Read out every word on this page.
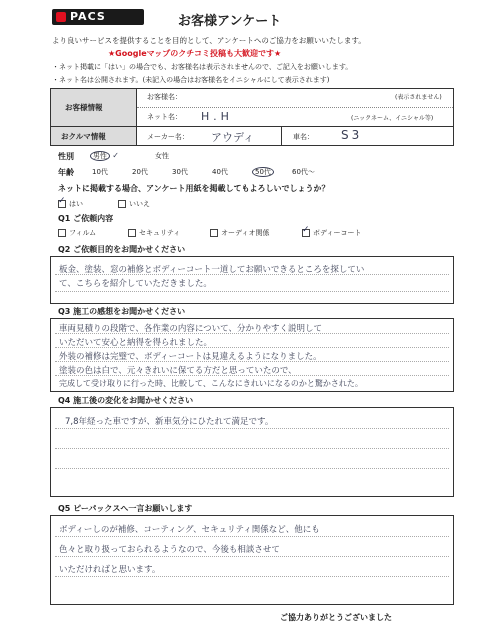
PACS	お客様アンケート
より良いサービスを提供することを目的として、アンケートへのご協力をお願いいたします。
★Googleマップのクチコミ投稿も大歓迎です★
・ネット掲載に「はい」の場合でも、お客様名は表示されませんので、ご記入をお願いします。
・ネット名は公開されます。(未記入の場合はお客様名をイニシャルにして表示されます)
お客様情報
おクルマ情報
お客様名：	(表示されません)
ネット名： H.H	(ニックネーム、イニシャル等)
メーカー名： アウディ	車名： S3
性別	男性 ✓	女性
年齢	10代	20代	30代	40代	50代	60代～
ネットに掲載する場合、アンケート用紙を掲載してもよろしいでしょうか？
✓はい	いいえ
Q1 ご依頼内容
フィルム	セキュリティ	オーディオ関係
✓	ボディーコート
Q2 ご依頼目的をお聞かせください
板金、塗装、窓の補修とボディーコート一道してお願いできるところを探していて、こちらを紹介していただきました。
Q3 施工の感想をお聞かせください
車両見積りの段階で、各作業の内容について、分かりやすく説明して
いただいて安心と納得を得られました。
外装の補修は完璧で、ボディーコートは見違えるようになりました。
塗装の色は白で、元々きれいに保てる方だと思っていたので、
完成して受け取りに行った時、比較して、こんなにきれいになるのかと驚かされた。
Q4 施工後の変化をお聞かせください
7,8年経った車ですが、新車気分にひたれて満足です。
Q5 ピーパックスへ一言お願いします
ボディーしのが補修、コーティング、セキュリティ関係など、他にも
色々と取り扱っておられるようなので、今後も相談させて
いただければと思います。
ご協力ありがとうございました
